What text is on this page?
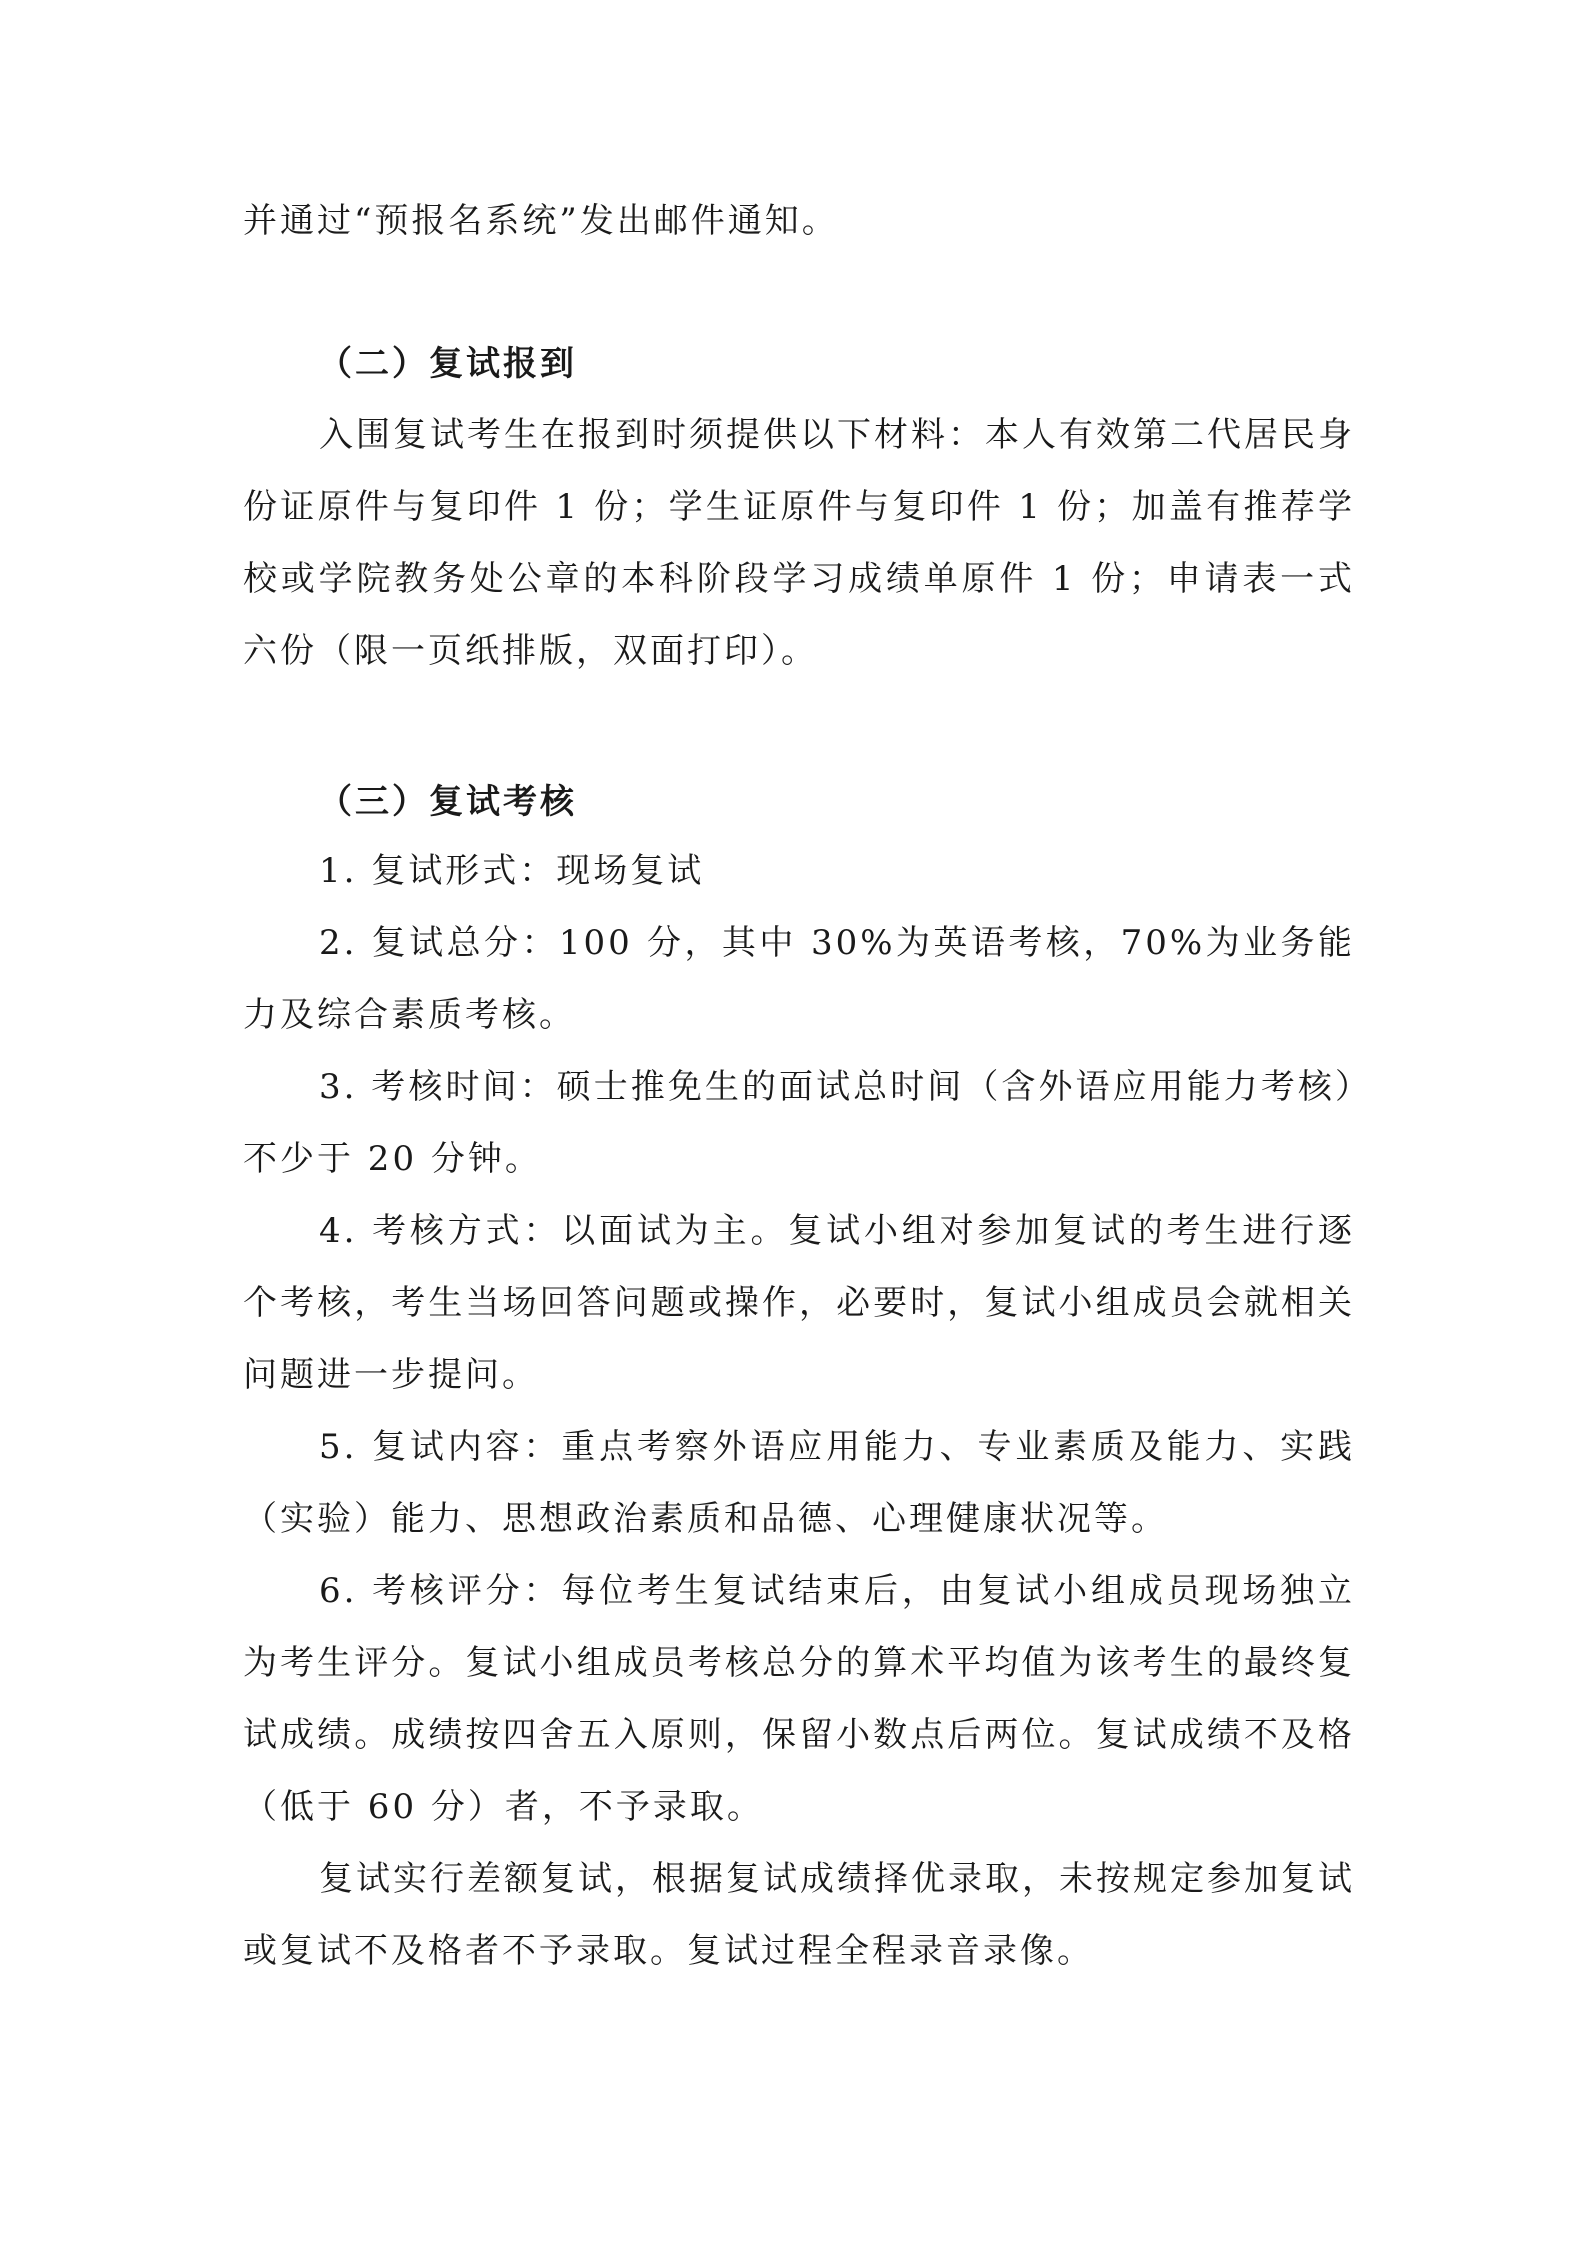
并通过“预报名系统”发出邮件通知。

（二）复试报到

入围复试考生在报到时须提供以下材料：本人有效第二代居民身份证原件与复印件 1 份；学生证原件与复印件 1 份；加盖有推荐学校或学院教务处公章的本科阶段学习成绩单原件 1 份；申请表一式六份（限一页纸排版，双面打印）。

（三）复试考核

1. 复试形式：现场复试

2. 复试总分：100 分，其中 30%为英语考核，70%为业务能力及综合素质考核。

3. 考核时间：硕士推免生的面试总时间（含外语应用能力考核）不少于 20 分钟。

4. 考核方式：以面试为主。复试小组对参加复试的考生进行逐个考核，考生当场回答问题或操作，必要时，复试小组成员会就相关问题进一步提问。

5. 复试内容：重点考察外语应用能力、专业素质及能力、实践（实验）能力、思想政治素质和品德、心理健康状况等。

6. 考核评分：每位考生复试结束后，由复试小组成员现场独立为考生评分。复试小组成员考核总分的算术平均值为该考生的最终复试成绩。成绩按四舍五入原则，保留小数点后两位。复试成绩不及格（低于 60 分）者，不予录取。

复试实行差额复试，根据复试成绩择优录取，未按规定参加复试或复试不及格者不予录取。复试过程全程录音录像。
